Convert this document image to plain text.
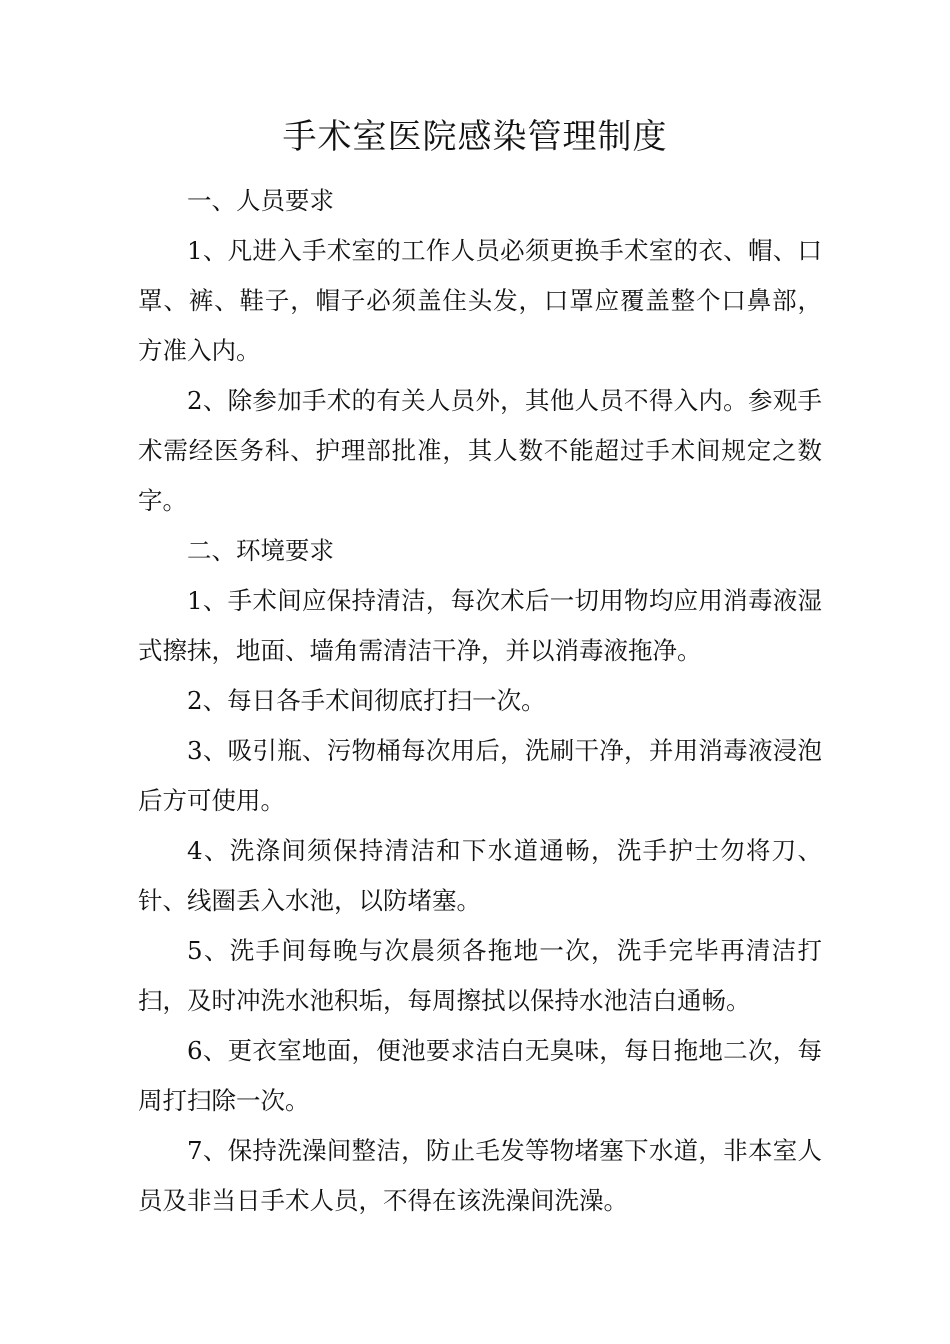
手术室医院感染管理制度

一、人员要求

1、凡进入手术室的工作人员必须更换手术室的衣、帽、口罩、裤、鞋子，帽子必须盖住头发，口罩应覆盖整个口鼻部，方准入内。

2、除参加手术的有关人员外，其他人员不得入内。参观手术需经医务科、护理部批准，其人数不能超过手术间规定之数字。

二、环境要求

1、手术间应保持清洁，每次术后一切用物均应用消毒液湿式擦抹，地面、墙角需清洁干净，并以消毒液拖净。

2、每日各手术间彻底打扫一次。

3、吸引瓶、污物桶每次用后，洗刷干净，并用消毒液浸泡后方可使用。

4、洗涤间须保持清洁和下水道通畅，洗手护士勿将刀、针、线圈丢入水池，以防堵塞。

5、洗手间每晚与次晨须各拖地一次，洗手完毕再清洁打扫，及时冲洗水池积垢，每周擦拭以保持水池洁白通畅。

6、更衣室地面，便池要求洁白无臭味，每日拖地二次，每周打扫除一次。

7、保持洗澡间整洁，防止毛发等物堵塞下水道，非本室人员及非当日手术人员，不得在该洗澡间洗澡。
